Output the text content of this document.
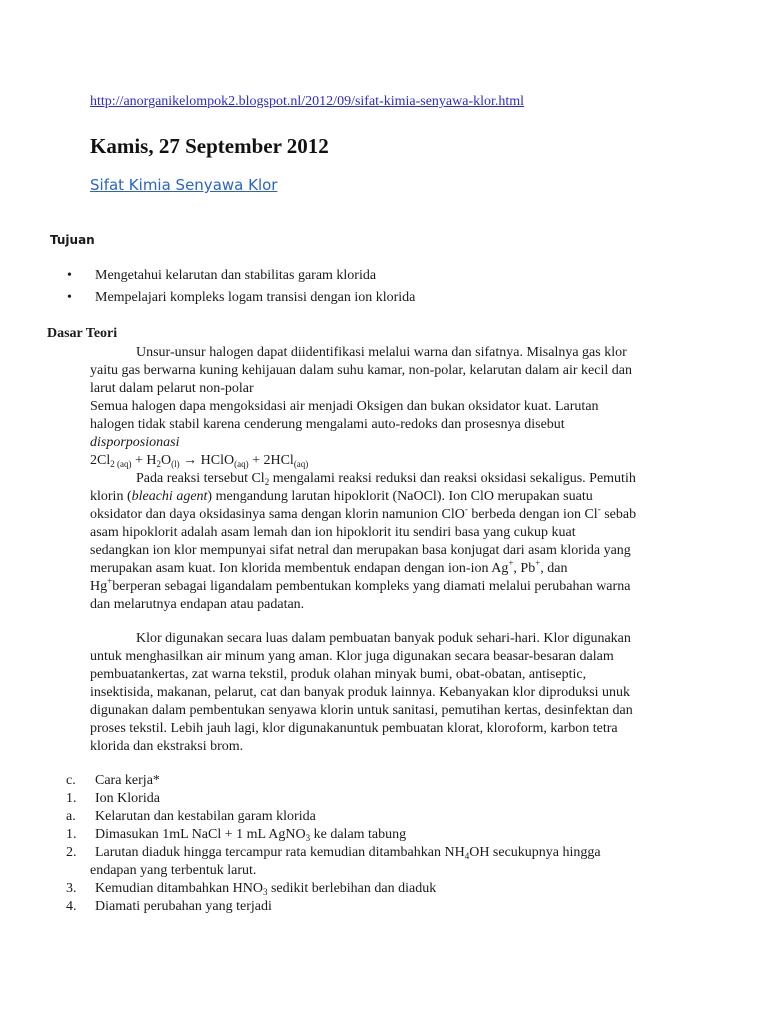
http://anorganikelompok2.blogspot.nl/2012/09/sifat-kimia-senyawa-klor.html
Kamis, 27 September 2012
Sifat Kimia Senyawa Klor
Tujuan
• Mengetahui kelarutan dan stabilitas garam klorida
• Mempelajari kompleks logam transisi dengan ion klorida
Dasar Teori
Unsur-unsur halogen dapat diidentifikasi melalui warna dan sifatnya. Misalnya gas klor
yaitu gas berwarna kuning kehijauan dalam suhu kamar, non-polar, kelarutan dalam air kecil dan
larut dalam pelarut non-polar
Semua halogen dapa mengoksidasi air menjadi Oksigen dan bukan oksidator kuat. Larutan
halogen tidak stabil karena cenderung mengalami auto-redoks dan prosesnya disebut
disporposionasi
$2Cl_{2 (aq)} + H_2O_{(l)}$ → HClO$_{(aq)}$ + 2HCl$_{(aq)}$
Pada reaksi tersebut $Cl_2$ mengalami reaksi reduksi dan reaksi oksidasi sekaligus. Pemutih
klorin (bleachi agent) mengandung larutan hipoklorit (NaOCl). Ion ClO merupakan suatu
oksidator dan daya oksidasinya sama dengan klorin namunion ClO- berbeda dengan ion Cl- sebab
asam hipoklorit adalah asam lemah dan ion hipoklorit itu sendiri basa yang cukup kuat
sedangkan ion klor mempunyai sifat netral dan merupakan basa konjugat dari asam klorida yang
merupakan asam kuat. Ion klorida membentuk endapan dengan ion-ion Ag+, Pb+, dan
Hg+berperan sebagai ligandalam pembentukan kompleks yang diamati melalui perubahan warna
dan melarutnya endapan atau padatan.
Klor digunakan secara luas dalam pembuatan banyak poduk sehari-hari. Klor digunakan
untuk menghasilkan air minum yang aman. Klor juga digunakan secara beasar-besaran dalam
pembuatankertas, zat warna tekstil, produk olahan minyak bumi, obat-obatan, antiseptic,
insektisida, makanan, pelarut, cat dan banyak produk lainnya. Kebanyakan klor diproduksi unuk
digunakan dalam pembentukan senyawa klorin untuk sanitasi, pemutihan kertas, desinfektan dan
proses tekstil. Lebih jauh lagi, klor digunakanuntuk pembuatan klorat, kloroform, karbon tetra
klorida dan ekstraksi brom.
c. Cara kerja*
1. Ion Klorida
a. Kelarutan dan kestabilan garam klorida
1. Dimasukan 1mL NaCl + 1 mL AgNO$_3$ ke dalam tabung
2. Larutan diaduk hingga tercampur rata kemudian ditambahkan $NH_4OH$ secukupnya hingga
endapan yang terbentuk larut.
3. Kemudian ditambahkan $HNO_3$ sedikit berlebihan dan diaduk
4. Diamati perubahan yang terjadi
